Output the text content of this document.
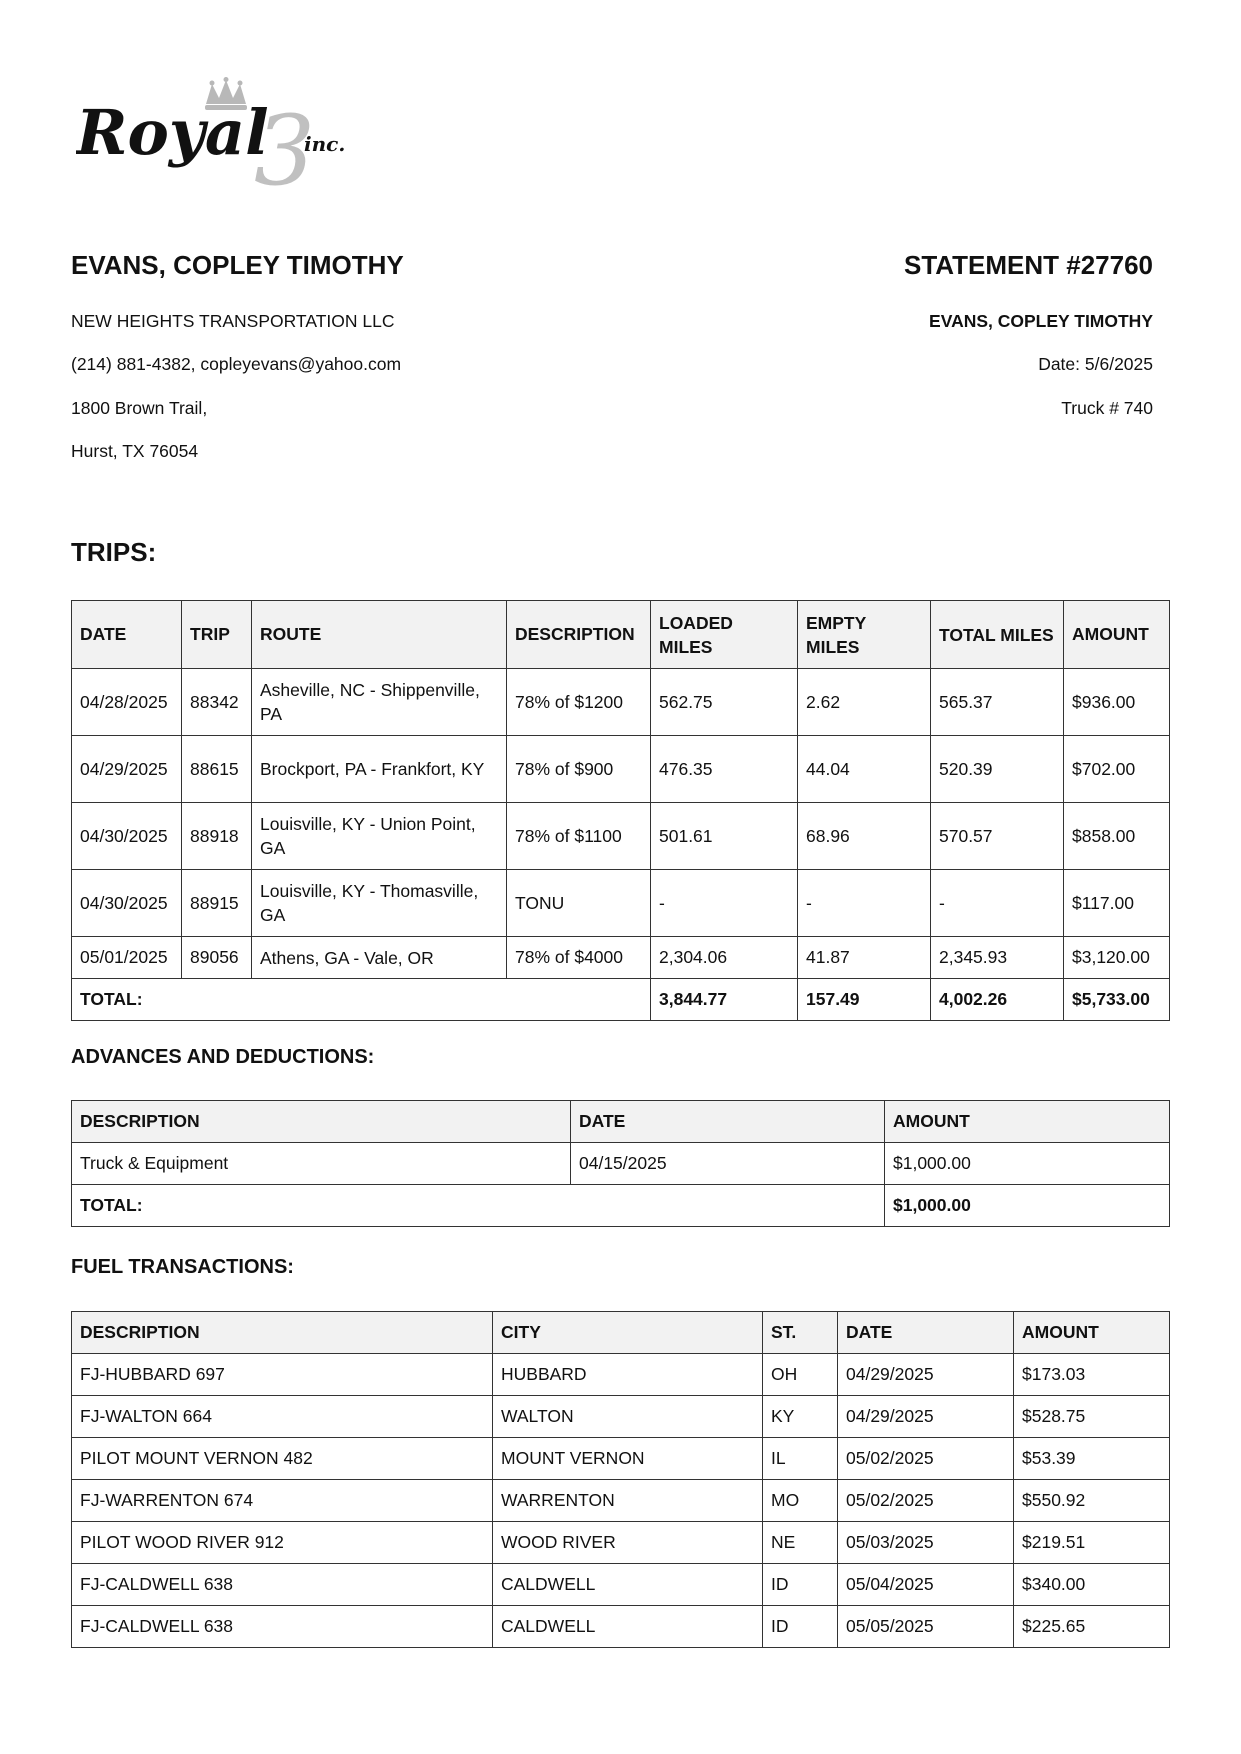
3
Royal inc.
EVANS, COPLEY TIMOTHY
NEW HEIGHTS TRANSPORTATION LLC
(214) 881-4382, copleyevans@yahoo.com
1800 Brown Trail,
Hurst, TX 76054
STATEMENT #27760
EVANS, COPLEY TIMOTHY
Date: 5/6/2025
Truck # 740
TRIPS:
DATE	TRIP	ROUTE	DESCRIPTION	LOADED MILES	EMPTY MILES	TOTAL MILES	AMOUNT
04/28/2025	88342	Asheville, NC - Shippenville, PA	78% of $1200	562.75	2.62	565.37	$936.00
04/29/2025	88615	Brockport, PA - Frankfort, KY	78% of $900	476.35	44.04	520.39	$702.00
04/30/2025	88918	Louisville, KY - Union Point, GA	78% of $1100	501.61	68.96	570.57	$858.00
04/30/2025	88915	Louisville, KY - Thomasville, GA	TONU	-	-	-	$117.00
05/01/2025	89056	Athens, GA - Vale, OR	78% of $4000	2,304.06	41.87	2,345.93	$3,120.00
TOTAL:				3,844.77	157.49	4,002.26	$5,733.00
ADVANCES AND DEDUCTIONS:
DESCRIPTION	DATE	AMOUNT
Truck & Equipment	04/15/2025	$1,000.00
TOTAL:		$1,000.00
FUEL TRANSACTIONS:
DESCRIPTION	CITY	ST.	DATE	AMOUNT
FJ-HUBBARD 697	HUBBARD	OH	04/29/2025	$173.03
FJ-WALTON 664	WALTON	KY	04/29/2025	$528.75
PILOT MOUNT VERNON 482	MOUNT VERNON	IL	05/02/2025	$53.39
FJ-WARRENTON 674	WARRENTON	MO	05/02/2025	$550.92
PILOT WOOD RIVER 912	WOOD RIVER	NE	05/03/2025	$219.51
FJ-CALDWELL 638	CALDWELL	ID	05/04/2025	$340.00
FJ-CALDWELL 638	CALDWELL	ID	05/05/2025	$225.65
